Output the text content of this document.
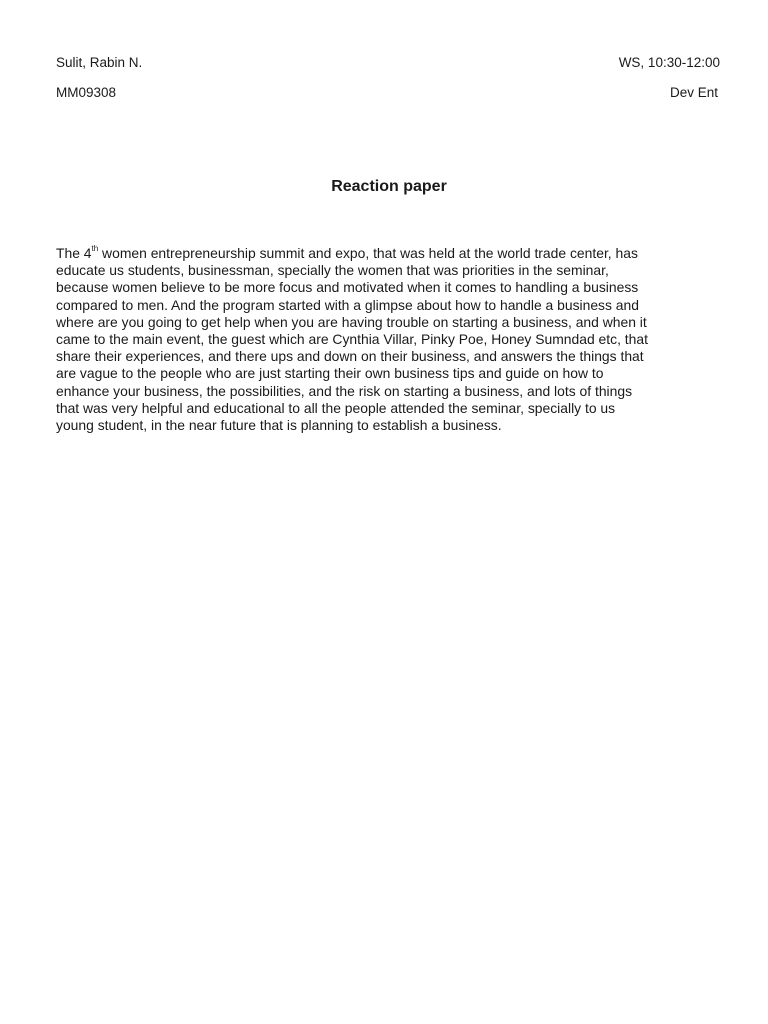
Sulit, Rabin N.
MM09308
WS, 10:30-12:00
Dev Ent
Reaction paper
The 4th women entrepreneurship summit and expo, that was held at the world trade center, has
educate us students, businessman, specially the women that was priorities in the seminar,
because women believe to be more focus and motivated when it comes to handling a business
compared to men. And the program started with a glimpse about how to handle a business and
where are you going to get help when you are having trouble on starting a business, and when it
came to the main event, the guest which are Cynthia Villar, Pinky Poe, Honey Sumndad etc, that
share their experiences, and there ups and down on their business, and answers the things that
are vague to the people who are just starting their own business tips and guide on how to
enhance your business, the possibilities, and the risk on starting a business, and lots of things
that was very helpful and educational to all the people attended the seminar, specially to us
young student, in the near future that is planning to establish a business.
